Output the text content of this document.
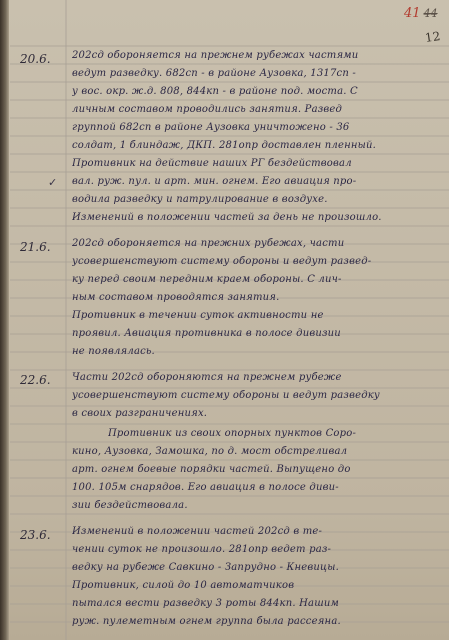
41 44
12
20.6.
✓
202сд обороняется на прежнем рубежах частями
ведут разведку. 682сп - в районе Аузовка, 1317сп -
у вос. окр. ж.д. 808, 844кп - в районе под. моста. С
личным составом проводились занятия. Развед
группой 682сп в районе Аузовка уничтожено - 36
солдат, 1 блиндаж, ДКП. 281опр доставлен пленный.
Противник на действие наших РГ бездействовал
вал. руж. пул. и арт. мин. огнем. Его авиация про-
водила разведку и патрулирование в воздухе.
Изменений в положении частей за день не произошло.
21.6. 202сд обороняется на прежних рубежах, части
усовершенствуют систему обороны и ведут развед-
ку перед своим передним краем обороны. С лич-
ным составом проводятся занятия.
Противник в течении суток активности не
проявил. Авиация противника в полосе дивизии
не появлялась.
22.6. Части 202сд обороняются на прежнем рубеже
усовершенствуют систему обороны и ведут разведку
в своих разграничениях.
Противник из своих опорных пунктов Соро-
кино, Аузовка, Замошка, по д. мост обстреливал
арт. огнем боевые порядки частей. Выпущено до
100. 105м снарядов. Его авиация в полосе диви-
зии бездействовала.
23.6. Изменений в положении частей 202сд в те-
чении суток не произошло. 281опр ведет раз-
ведку на рубеже Савкино - Запрудно - Кневицы.
Противник, силой до 10 автоматчиков
пытался вести разведку 3 роты 844кп. Нашим
руж. пулеметным огнем группа была рассеяна.
